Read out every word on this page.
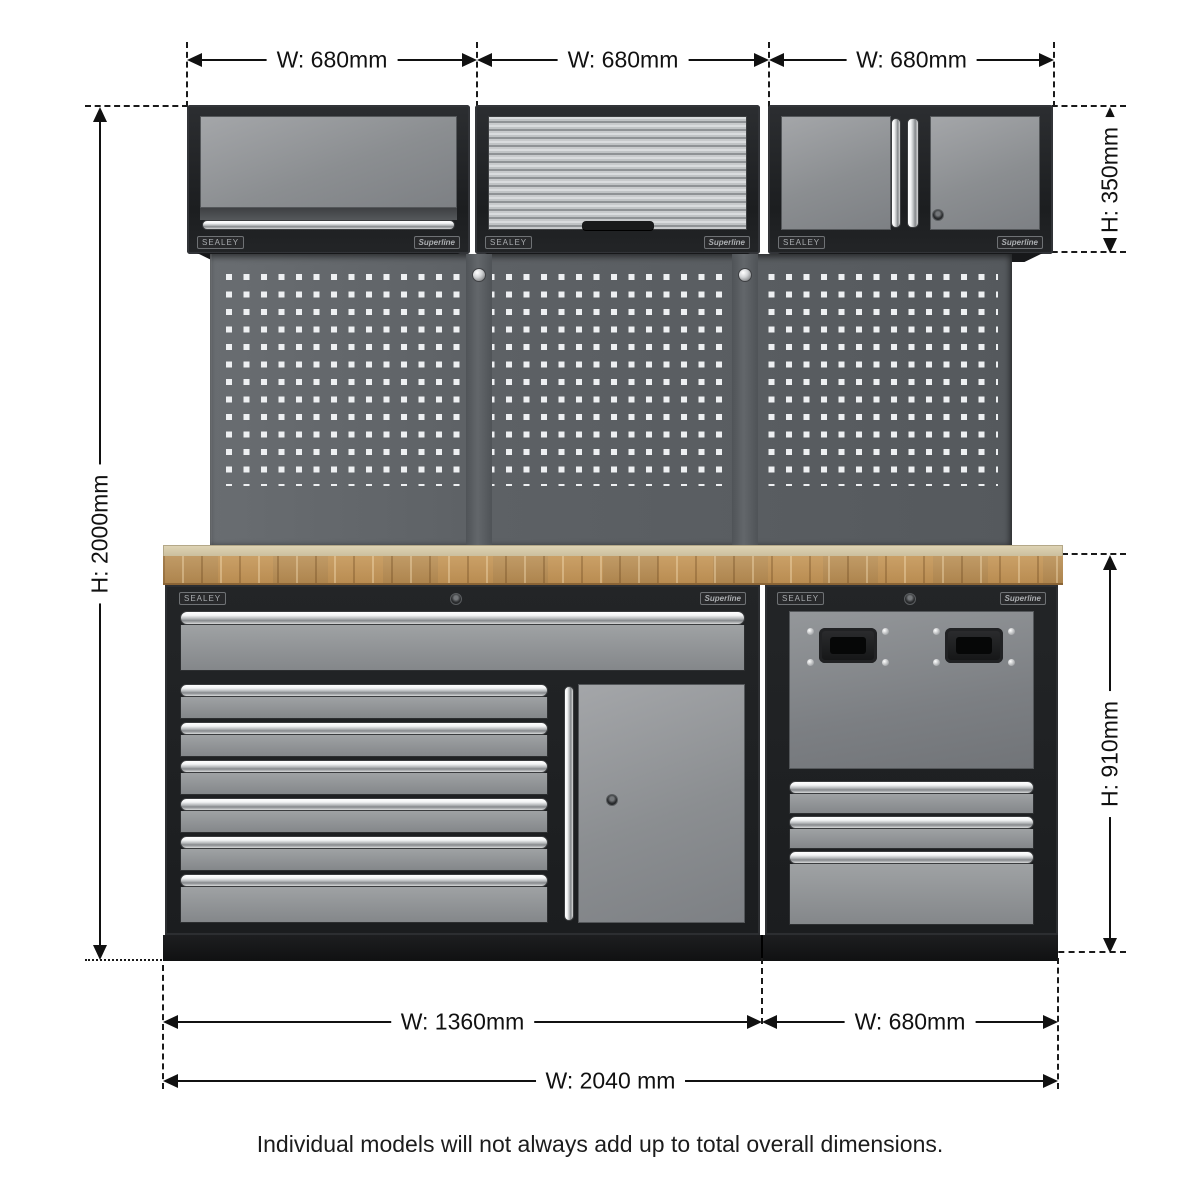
W: 680mm	W: 680mm	W: 680mm
H: 2000mm
H: 350mm
H: 910mm
SEALEY	Superline	SEALEY	Superline	SEALEY	Superline
SEALEY	Superline	SEALEY	Superline
W: 1360mm	W: 680mm
W: 2040 mm
Individual models will not always add up to total overall dimensions.
